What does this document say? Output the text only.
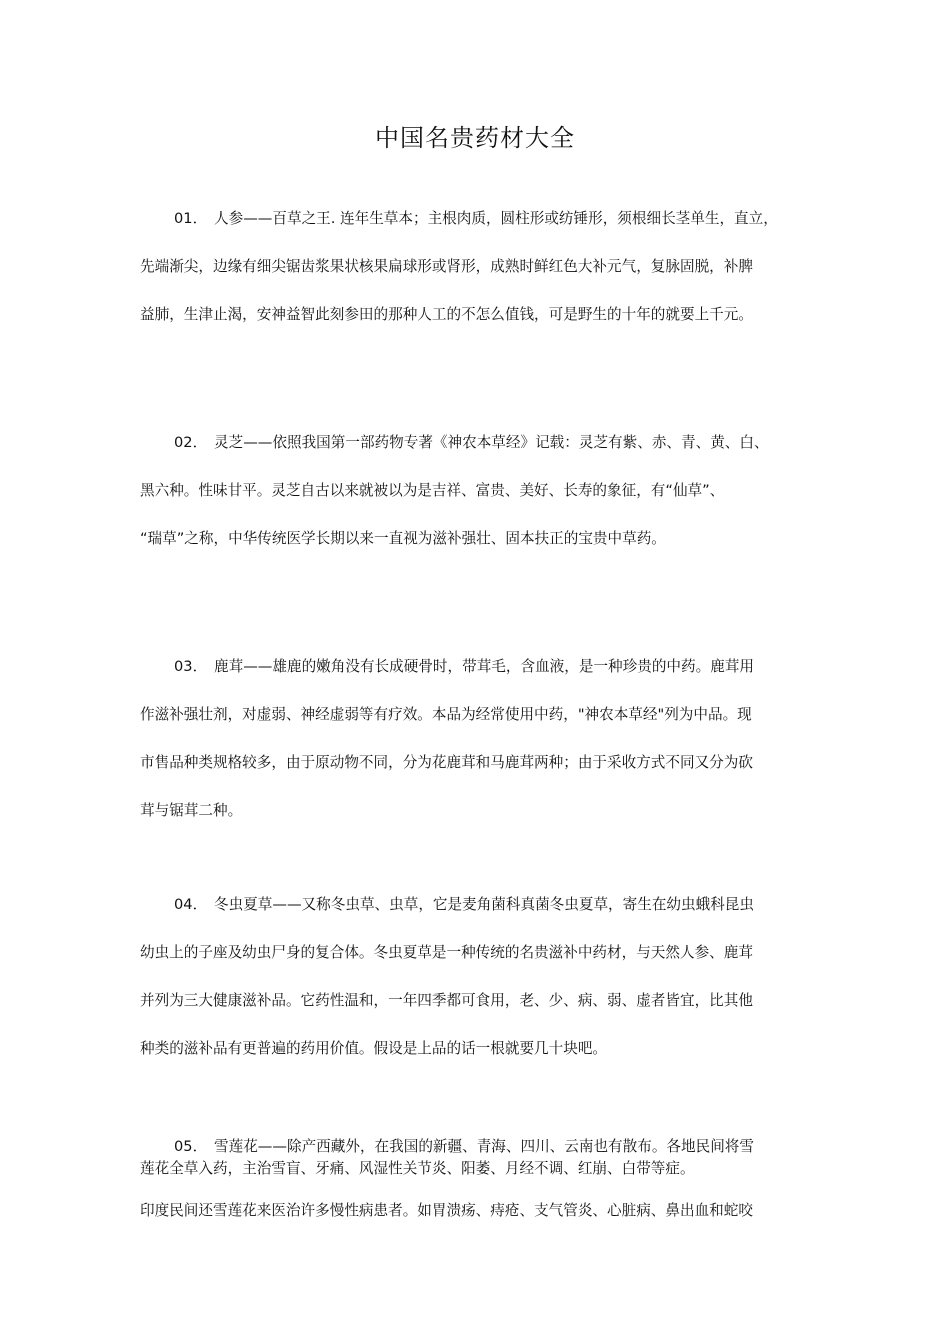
中国名贵药材大全
01． 人参——百草之王. 连年生草本；主根肉质，圆柱形或纺锤形，须根细长茎单生，直立，
先端渐尖，边缘有细尖锯齿浆果状核果扁球形或肾形，成熟时鲜红色大补元气，复脉固脱，补脾
益肺，生津止渴，安神益智此刻参田的那种人工的不怎么值钱，可是野生的十年的就要上千元。
02． 灵芝——依照我国第一部药物专著《神农本草经》记载：灵芝有紫、赤、青、黄、白、
黑六种。性味甘平。灵芝自古以来就被以为是吉祥、富贵、美好、长寿的象征，有“仙草”、
“瑞草”之称，中华传统医学长期以来一直视为滋补强壮、固本扶正的宝贵中草药。
03． 鹿茸——雄鹿的嫩角没有长成硬骨时，带茸毛，含血液，是一种珍贵的中药。鹿茸用
作滋补强壮剂，对虚弱、神经虚弱等有疗效。本品为经常使用中药，"神农本草经"列为中品。现
市售品种类规格较多，由于原动物不同，分为花鹿茸和马鹿茸两种；由于采收方式不同又分为砍
茸与锯茸二种。
04． 冬虫夏草——又称冬虫草、虫草，它是麦角菌科真菌冬虫夏草，寄生在幼虫蛾科昆虫
幼虫上的子座及幼虫尸身的复合体。冬虫夏草是一种传统的名贵滋补中药材，与天然人参、鹿茸
并列为三大健康滋补品。它药性温和，一年四季都可食用，老、少、病、弱、虚者皆宜，比其他
种类的滋补品有更普遍的药用价值。假设是上品的话一根就要几十块吧。
05． 雪莲花——除产西藏外，在我国的新疆、青海、四川、云南也有散布。各地民间将雪
莲花全草入药，主治雪盲、牙痛、风湿性关节炎、阳萎、月经不调、红崩、白带等症。
印度民间还雪莲花来医治许多慢性病患者。如胃溃疡、痔疮、支气管炎、心脏病、鼻出血和蛇咬
